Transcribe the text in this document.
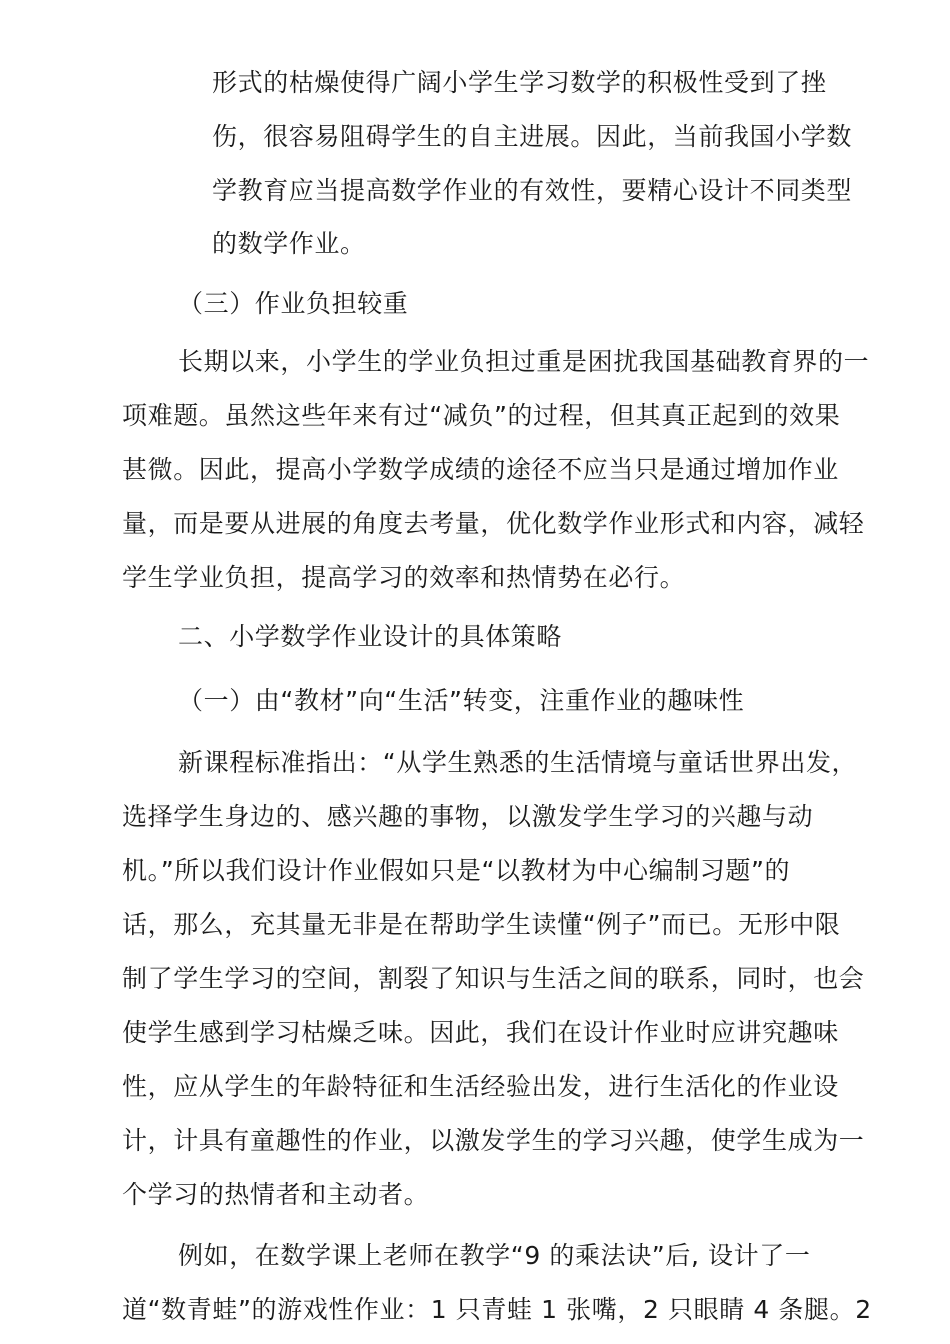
形式的枯燥使得广阔小学生学习数学的积极性受到了挫

伤，很容易阻碍学生的自主进展。因此，当前我国小学数

学教育应当提高数学作业的有效性，要精心设计不同类型

的数学作业。

（三）作业负担较重

长期以来，小学生的学业负担过重是困扰我国基础教育界的一

项难题。虽然这些年来有过“减负”的过程，但其真正起到的效果

甚微。因此，提高小学数学成绩的途径不应当只是通过增加作业

量，而是要从进展的角度去考量，优化数学作业形式和内容，减轻

学生学业负担，提高学习的效率和热情势在必行。

二、小学数学作业设计的具体策略

（一）由“教材”向“生活”转变，注重作业的趣味性

新课程标准指出：“从学生熟悉的生活情境与童话世界出发，

选择学生身边的、感兴趣的事物，以激发学生学习的兴趣与动

机。”所以我们设计作业假如只是“以教材为中心编制习题”的

话，那么，充其量无非是在帮助学生读懂“例子”而已。无形中限

制了学生学习的空间，割裂了知识与生活之间的联系，同时，也会

使学生感到学习枯燥乏味。因此，我们在设计作业时应讲究趣味

性，应从学生的年龄特征和生活经验出发，进行生活化的作业设

计，计具有童趣性的作业，以激发学生的学习兴趣，使学生成为一

个学习的热情者和主动者。

例如，在数学课上老师在教学“9 的乘法诀”后, 设计了一

道“数青蛙”的游戏性作业：1 只青蛙 1 张嘴，2 只眼睛 4 条腿。2
